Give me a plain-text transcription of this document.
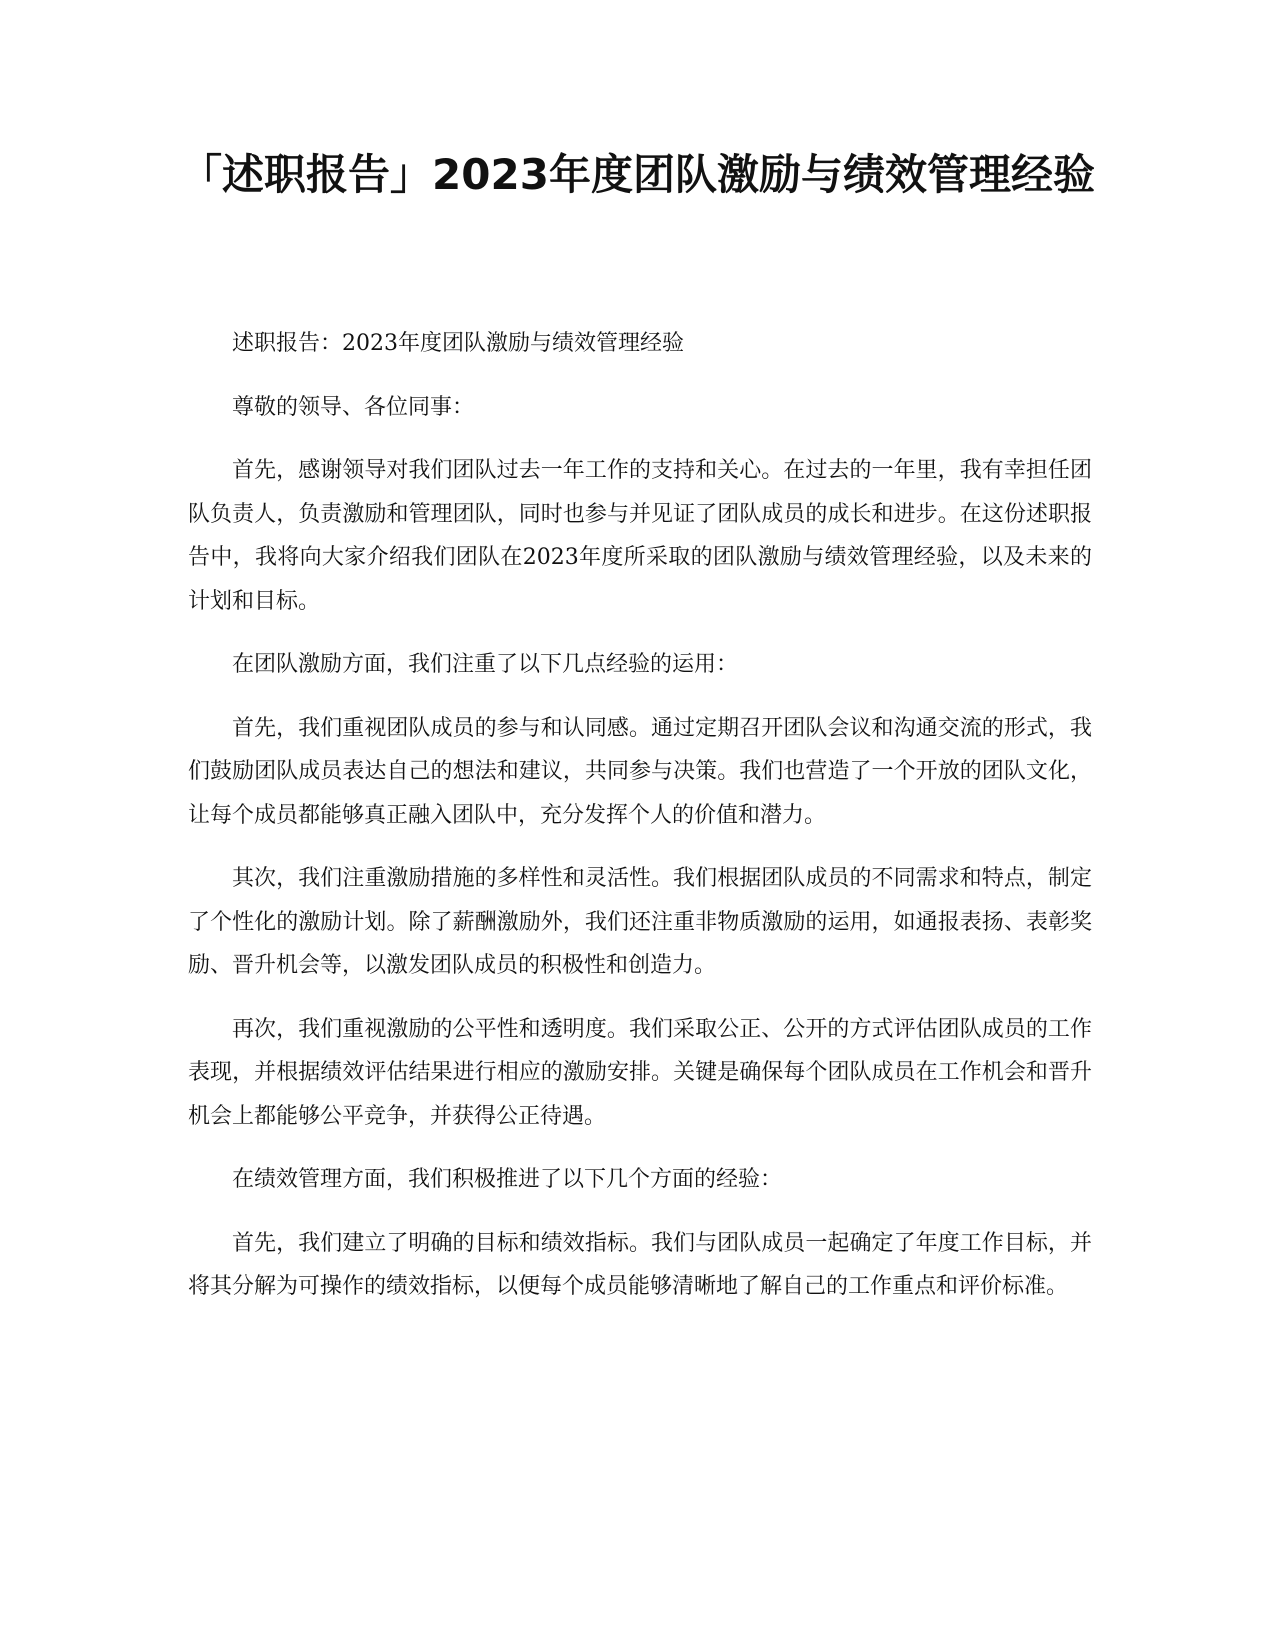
「述职报告」2023年度团队激励与绩效管理经验

述职报告：2023年度团队激励与绩效管理经验

尊敬的领导、各位同事：

首先，感谢领导对我们团队过去一年工作的支持和关心。在过去的一年里，我有幸担任团队负责人，负责激励和管理团队，同时也参与并见证了团队成员的成长和进步。在这份述职报告中，我将向大家介绍我们团队在2023年度所采取的团队激励与绩效管理经验，以及未来的计划和目标。

在团队激励方面，我们注重了以下几点经验的运用：

首先，我们重视团队成员的参与和认同感。通过定期召开团队会议和沟通交流的形式，我们鼓励团队成员表达自己的想法和建议，共同参与决策。我们也营造了一个开放的团队文化，让每个成员都能够真正融入团队中，充分发挥个人的价值和潜力。

其次，我们注重激励措施的多样性和灵活性。我们根据团队成员的不同需求和特点，制定了个性化的激励计划。除了薪酬激励外，我们还注重非物质激励的运用，如通报表扬、表彰奖励、晋升机会等，以激发团队成员的积极性和创造力。

再次，我们重视激励的公平性和透明度。我们采取公正、公开的方式评估团队成员的工作表现，并根据绩效评估结果进行相应的激励安排。关键是确保每个团队成员在工作机会和晋升机会上都能够公平竞争，并获得公正待遇。

在绩效管理方面，我们积极推进了以下几个方面的经验：

首先，我们建立了明确的目标和绩效指标。我们与团队成员一起确定了年度工作目标，并将其分解为可操作的绩效指标，以便每个成员能够清晰地了解自己的工作重点和评价标准。
